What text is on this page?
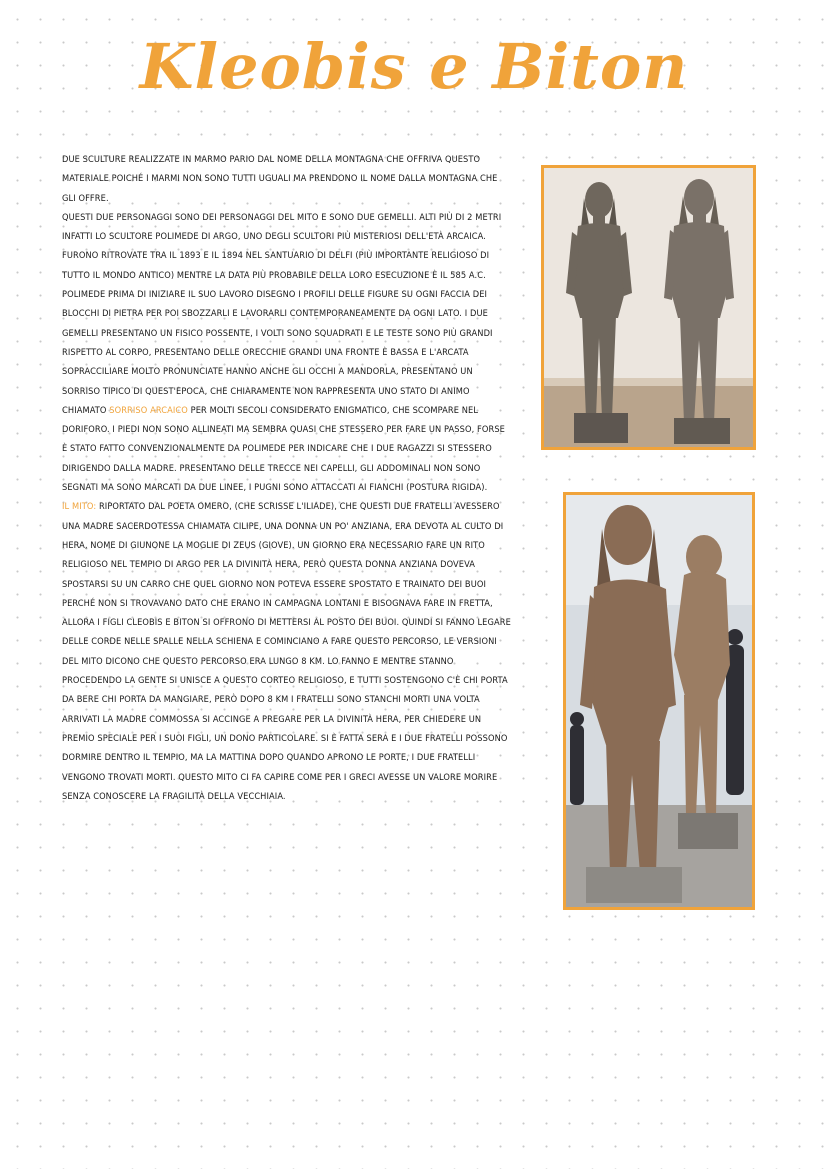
Kleobis e Biton

DUE SCULTURE REALIZZATE IN MARMO PARIO DAL NOME DELLA MONTAGNA CHE OFFRIVA QUESTO MATERIALE POICHÉ I MARMI NON SONO TUTTI UGUALI MA PRENDONO IL NOME DALLA MONTAGNA CHE GLI OFFRE.

QUESTI DUE PERSONAGGI SONO DEI PERSONAGGI DEL MITO E SONO DUE GEMELLI. ALTI PIÙ DI 2 METRI INFATTI LO SCULTORE POLIMEDE DI ARGO, UNO DEGLI SCULTORI PIÙ MISTERIOSI DELL'ETÀ ARCAICA. FURONO RITROVATE TRA IL 1893 E IL 1894 NEL SANTUARIO DI DELFI (PIÙ IMPORTANTE RELIGIOSO DI TUTTO IL MONDO ANTICO) MENTRE LA DATA PIÙ PROBABILE DELLA LORO ESECUZIONE È IL 585 A.C. POLIMEDE PRIMA DI INIZIARE IL SUO LAVORO DISEGNO I PROFILI DELLE FIGURE SU OGNI FACCIA DEI BLOCCHI DI PIETRA PER POI SBOZZARLI E LAVORARLI CONTEMPORANEAMENTE DA OGNI LATO. I DUE GEMELLI PRESENTANO UN FISICO POSSENTE, I VOLTI SONO SQUADRATI E LE TESTE SONO PIÙ GRANDI RISPETTO AL CORPO, PRESENTANO DELLE ORECCHIE GRANDI UNA FRONTE È BASSA E L'ARCATA SOPRACCILIARE MOLTO PRONUNCIATE HANNO ANCHE GLI OCCHI A MANDORLA, PRESENTANO UN SORRISO TIPICO DI QUEST'EPOCA, CHE CHIARAMENTE NON RAPPRESENTA UNO STATO DI ANIMO CHIAMATO SORRISO ARCAICO PER MOLTI SECOLI CONSIDERATO ENIGMATICO, CHE SCOMPARE NEL DORIFORO. I PIEDI NON SONO ALLINEATI MA SEMBRA QUASI CHE STESSERO PER FARE UN PASSO, FORSE È STATO FATTO CONVENZIONALMENTE DA POLIMEDE PER INDICARE CHE I DUE RAGAZZI SI STESSERO DIRIGENDO DALLA MADRE. PRESENTANO DELLE TRECCE NEI CAPELLI, GLI ADDOMINALI NON SONO SEGNATI MA SONO MARCATI DA DUE LINEE, I PUGNI SONO ATTACCATI AI FIANCHI (POSTURA RIGIDA).

IL MITO: RIPORTATO DAL POETA OMERO, (CHE SCRISSE L'ILIADE), CHE QUESTI DUE FRATELLI AVESSERO UNA MADRE SACERDOTESSA CHIAMATA CILIPE, UNA DONNA UN PO' ANZIANA, ERA DEVOTA AL CULTO DI HERA, NOME DI GIUNONE LA MOGLIE DI ZEUS (GIOVE). UN GIORNO ERA NECESSARIO FARE UN RITO RELIGIOSO NEL TEMPIO DI ARGO PER LA DIVINITÀ HERA, PERÒ QUESTA DONNA ANZIANA DOVEVA SPOSTARSI SU UN CARRO CHE QUEL GIORNO NON POTEVA ESSERE SPOSTATO E TRAINATO DEI BUOI PERCHÉ NON SI TROVAVANO DATO CHE ERANO IN CAMPAGNA LONTANI E BISOGNAVA FARE IN FRETTA, ALLORA I FIGLI CLEOBIS E BITON SI OFFRONO DI METTERSI AL POSTO DEI BUOI. QUINDI SI FANNO LEGARE DELLE CORDE NELLE SPALLE NELLA SCHIENA E COMINCIANO A FARE QUESTO PERCORSO, LE VERSIONI DEL MITO DICONO CHE QUESTO PERCORSO ERA LUNGO 8 KM. LO FANNO E MENTRE STANNO PROCEDENDO LA GENTE SI UNISCE A QUESTO CORTEO RELIGIOSO, E TUTTI SOSTENGONO C'È CHI PORTA DA BERE CHI PORTA DA MANGIARE, PERÒ DOPO 8 KM I FRATELLI SONO STANCHI MORTI UNA VOLTA ARRIVATI LA MADRE COMMOSSA SI ACCINGE A PREGARE PER LA DIVINITÀ HERA, PER CHIEDERE UN PREMIO SPECIALE PER I SUOI FIGLI, UN DONO PARTICOLARE. SI È FATTA SERA E I DUE FRATELLI POSSONO DORMIRE DENTRO IL TEMPIO, MA LA MATTINA DOPO QUANDO APRONO LE PORTE, I DUE FRATELLI VENGONO TROVATI MORTI. QUESTO MITO CI FA CAPIRE COME PER I GRECI AVESSE UN VALORE MORIRE SENZA CONOSCERE LA FRAGILITÀ DELLA VECCHIAIA.
